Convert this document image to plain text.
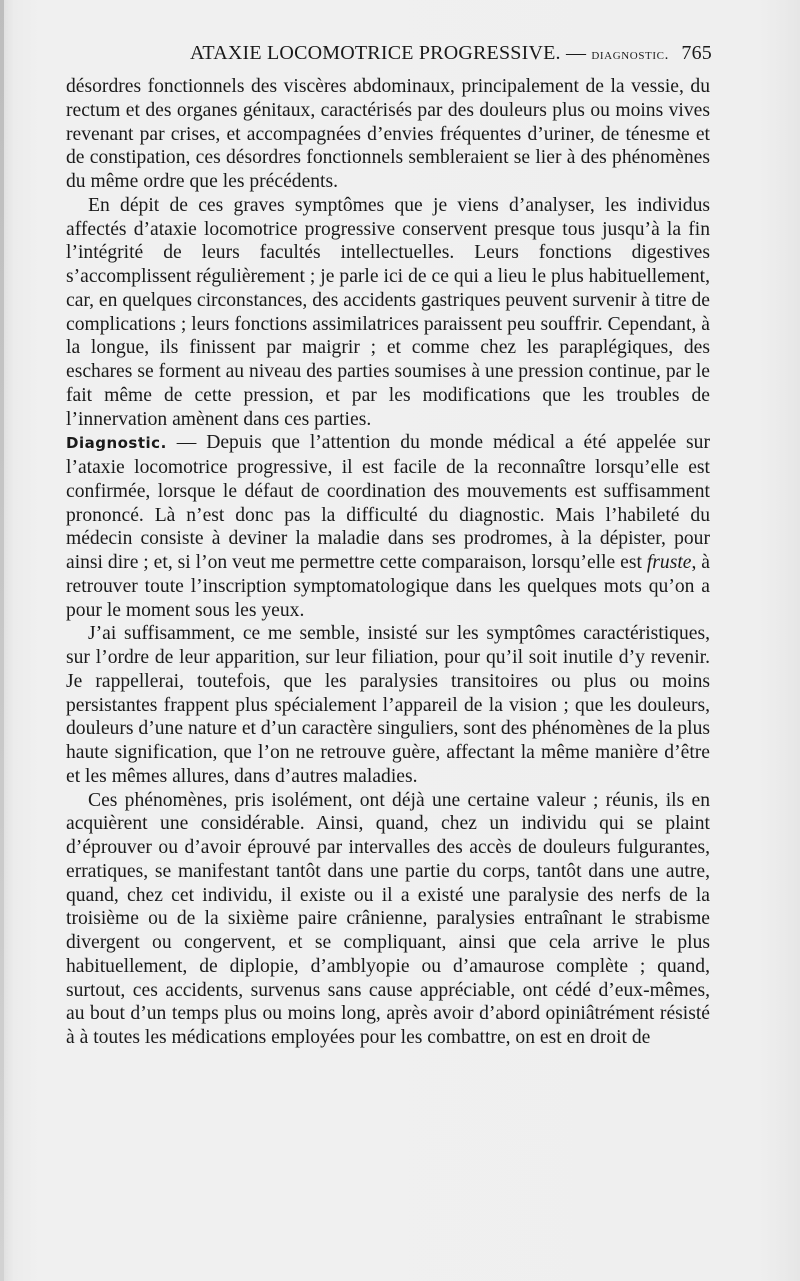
ATAXIE LOCOMOTRICE PROGRESSIVE. — diagnostic. 765

désordres fonctionnels des viscères abdominaux, principalement de la vessie, du rectum et des organes génitaux, caractérisés par des douleurs plus ou moins vives revenant par crises, et accompagnées d’envies fréquentes d’uriner, de ténesme et de constipation, ces désordres fonctionnels sembleraient se lier à des phénomènes du même ordre que les précédents.

En dépit de ces graves symptômes que je viens d’analyser, les individus affectés d’ataxie locomotrice progressive conservent presque tous jusqu’à la fin l’intégrité de leurs facultés intellectuelles. Leurs fonctions digestives s’accomplissent régulièrement ; je parle ici de ce qui a lieu le plus habituellement, car, en quelques circonstances, des accidents gastriques peuvent survenir à titre de complications ; leurs fonctions assimilatrices paraissent peu souffrir. Cependant, à la longue, ils finissent par maigrir ; et comme chez les paraplégiques, des eschares se forment au niveau des parties soumises à une pression continue, par le fait même de cette pression, et par les modifications que les troubles de l’innervation amènent dans ces parties.

Diagnostic. — Depuis que l’attention du monde médical a été appelée sur l’ataxie locomotrice progressive, il est facile de la reconnaître lorsqu’elle est confirmée, lorsque le défaut de coordination des mouvements est suffisamment prononcé. Là n’est donc pas la difficulté du diagnostic. Mais l’habileté du médecin consiste à deviner la maladie dans ses prodromes, à la dépister, pour ainsi dire ; et, si l’on veut me permettre cette comparaison, lorsqu’elle est fruste, à retrouver toute l’inscription symptomatologique dans les quelques mots qu’on a pour le moment sous les yeux.

J’ai suffisamment, ce me semble, insisté sur les symptômes caractéristiques, sur l’ordre de leur apparition, sur leur filiation, pour qu’il soit inutile d’y revenir. Je rappellerai, toutefois, que les paralysies transitoires ou plus ou moins persistantes frappent plus spécialement l’appareil de la vision ; que les douleurs, douleurs d’une nature et d’un caractère singuliers, sont des phénomènes de la plus haute signification, que l’on ne retrouve guère, affectant la même manière d’être et les mêmes allures, dans d’autres maladies.

Ces phénomènes, pris isolément, ont déjà une certaine valeur ; réunis, ils en acquièrent une considérable. Ainsi, quand, chez un individu qui se plaint d’éprouver ou d’avoir éprouvé par intervalles des accès de douleurs fulgurantes, erratiques, se manifestant tantôt dans une partie du corps, tantôt dans une autre, quand, chez cet individu, il existe ou il a existé une paralysie des nerfs de la troisième ou de la sixième paire crânienne, paralysies entraînant le strabisme divergent ou congervent, et se compliquant, ainsi que cela arrive le plus habituellement, de diplopie, d’amblyopie ou d’amaurose complète ; quand, surtout, ces accidents, survenus sans cause appréciable, ont cédé d’eux-mêmes, au bout d’un temps plus ou moins long, après avoir d’abord opiniâtrément résisté à à toutes les médications employées pour les combattre, on est en droit de
